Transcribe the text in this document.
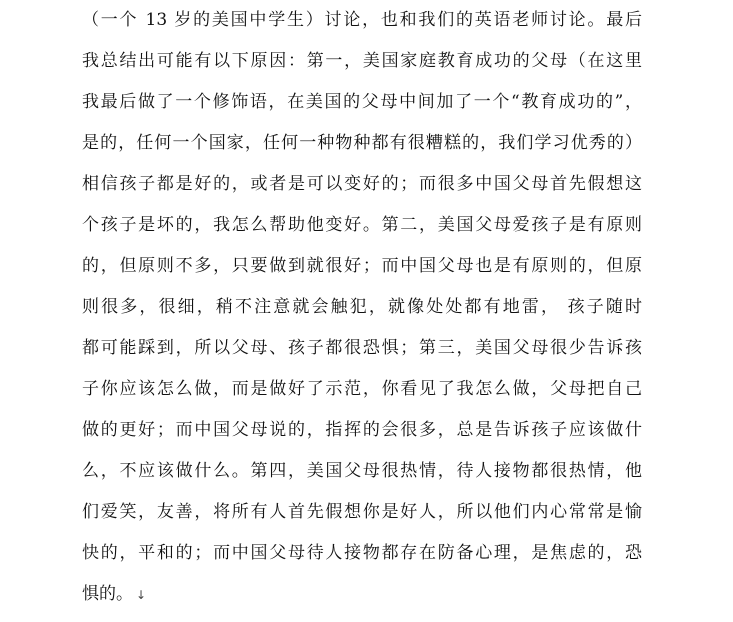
（一个 13 岁的美国中学生）讨论，也和我们的英语老师讨论。最后
我总结出可能有以下原因：第一，美国家庭教育成功的父母（在这里
我最后做了一个修饰语，在美国的父母中间加了一个“教育成功的”，
是的，任何一个国家，任何一种物种都有很糟糕的，我们学习优秀的）
相信孩子都是好的，或者是可以变好的；而很多中国父母首先假想这
个孩子是坏的，我怎么帮助他变好。第二，美国父母爱孩子是有原则
的，但原则不多，只要做到就很好；而中国父母也是有原则的，但原
则很多，很细，稍不注意就会触犯，就像处处都有地雷， 孩子随时
都可能踩到，所以父母、孩子都很恐惧；第三，美国父母很少告诉孩
子你应该怎么做，而是做好了示范，你看见了我怎么做，父母把自己
做的更好；而中国父母说的，指挥的会很多，总是告诉孩子应该做什
么，不应该做什么。第四，美国父母很热情，待人接物都很热情，他
们爱笑，友善，将所有人首先假想你是好人，所以他们内心常常是愉
快的，平和的；而中国父母待人接物都存在防备心理，是焦虑的，恐
惧的。 ↓
